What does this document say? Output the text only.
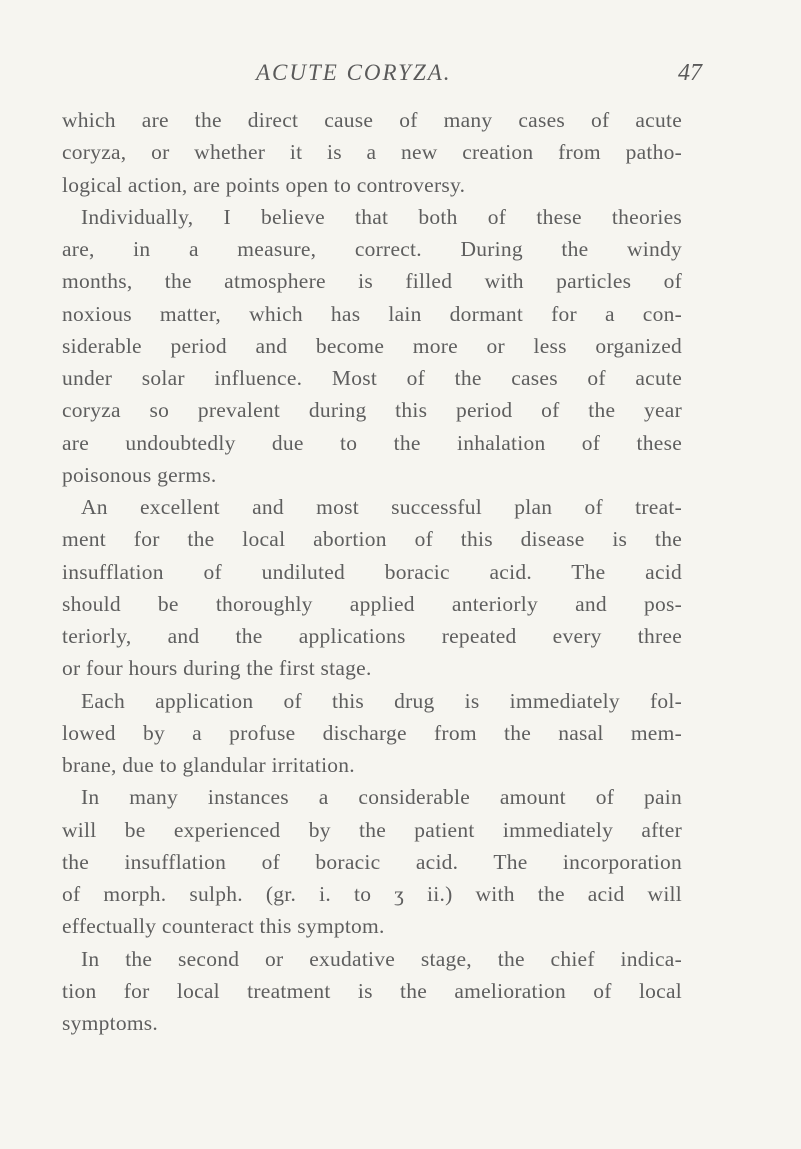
ACUTE CORYZA.	47
which are the direct cause of many cases of acute
coryza, or whether it is a new creation from patho-
logical action, are points open to controversy.
Individually, I believe that both of these theories
are, in a measure, correct. During the windy
months, the atmosphere is filled with particles of
noxious matter, which has lain dormant for a con-
siderable period and become more or less organized
under solar influence. Most of the cases of acute
coryza so prevalent during this period of the year
are undoubtedly due to the inhalation of these
poisonous germs.
An excellent and most successful plan of treat-
ment for the local abortion of this disease is the
insufflation of undiluted boracic acid. The acid
should be thoroughly applied anteriorly and pos-
teriorly, and the applications repeated every three
or four hours during the first stage.
Each application of this drug is immediately fol-
lowed by a profuse discharge from the nasal mem-
brane, due to glandular irritation.
In many instances a considerable amount of pain
will be experienced by the patient immediately after
the insufflation of boracic acid. The incorporation
of morph. sulph. (gr. i. to ʒ ii.) with the acid will
effectually counteract this symptom.
In the second or exudative stage, the chief indica-
tion for local treatment is the amelioration of local
symptoms.
